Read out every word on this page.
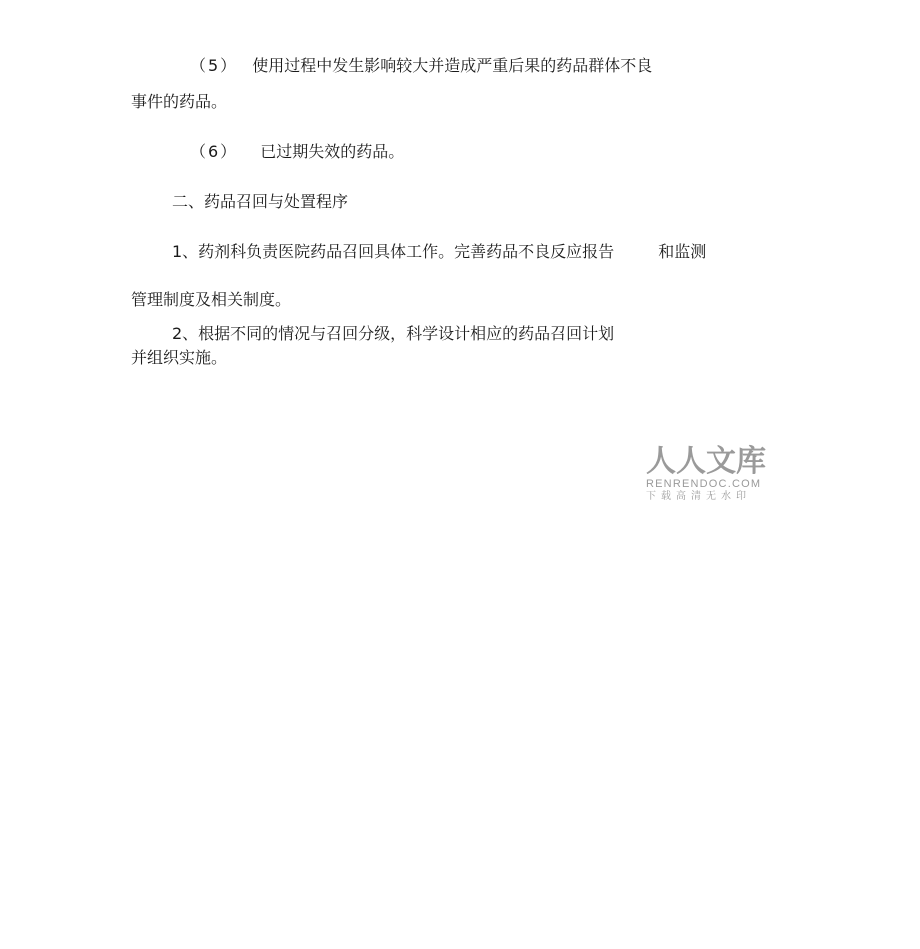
（5） 使用过程中发生影响较大并造成严重后果的药品群体不良
事件的药品。
（6） 已过期失效的药品。
二、药品召回与处置程序
1、药剂科负责医院药品召回具体工作。完善药品不良反应报告	和监测
管理制度及相关制度。
2、根据不同的情况与召回分级，科学设计相应的药品召回计划
并组织实施。
人人文库
RENRENDOC.COM
下载高清无水印
